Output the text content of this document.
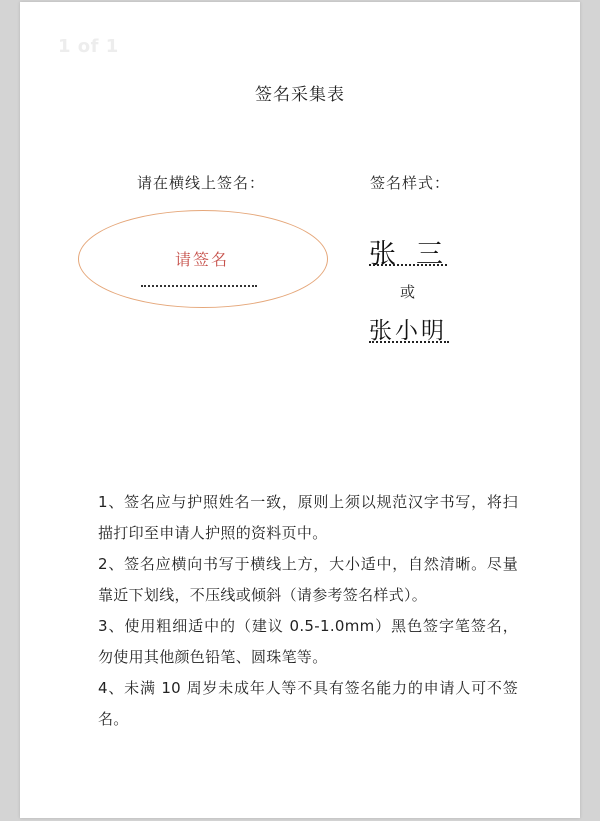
1 of 1
签名采集表
请在横线上签名：	签名样式：
请签名	张三
或
张小明
1、签名应与护照姓名一致，原则上须以规范汉字书写，将扫描打印至申请人护照的资料页中。
2、签名应横向书写于横线上方，大小适中，自然清晰。尽量靠近下划线，不压线或倾斜（请参考签名样式）。
3、使用粗细适中的（建议 0.5-1.0mm）黑色签字笔签名，勿使用其他颜色铅笔、圆珠笔等。
4、未满 10 周岁未成年人等不具有签名能力的申请人可不签名。
